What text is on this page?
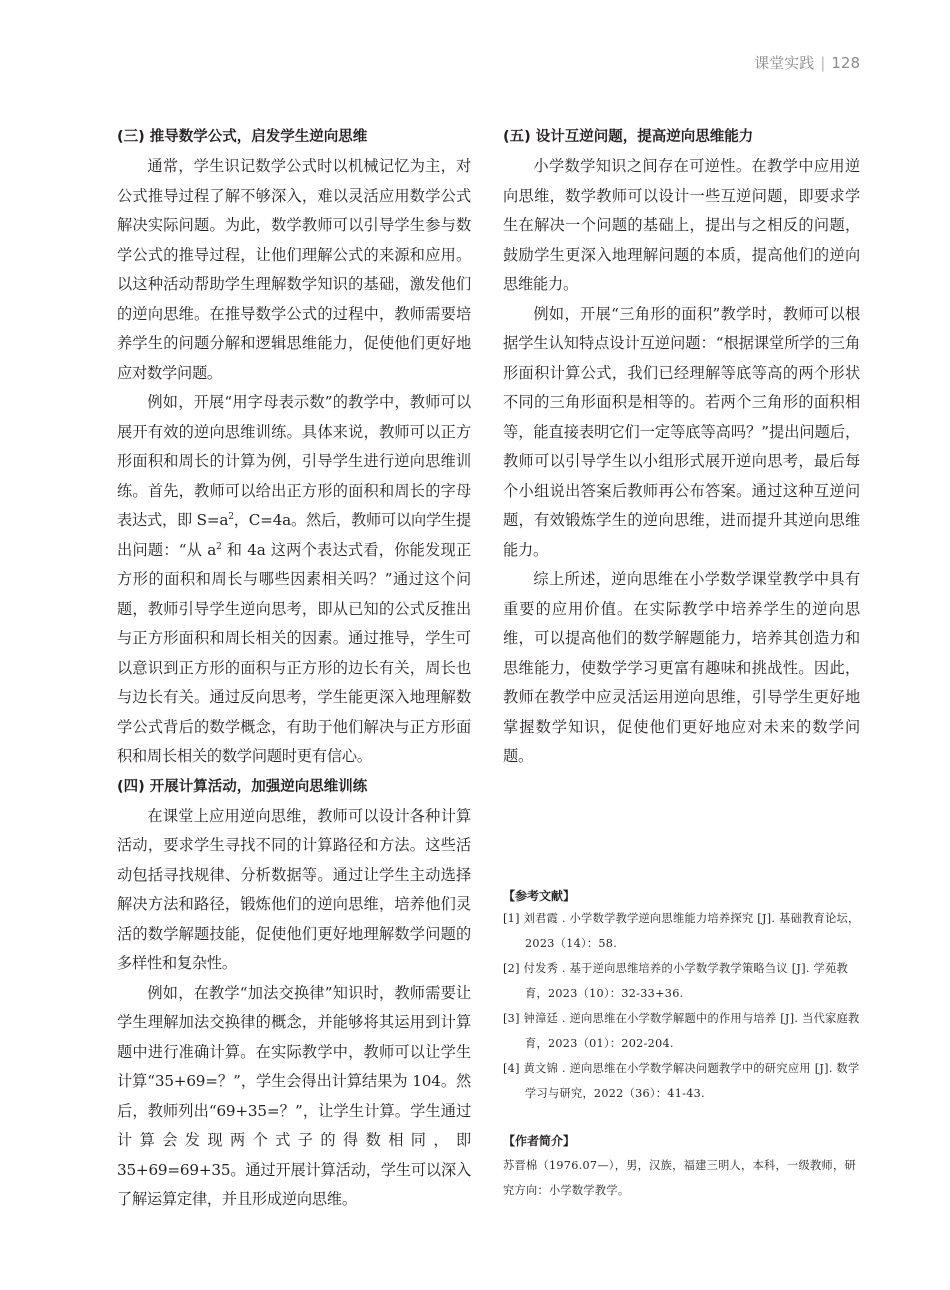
课堂实践 | 128
(三) 推导数学公式，启发学生逆向思维

通常，学生识记数学公式时以机械记忆为主，对公式推导过程了解不够深入，难以灵活应用数学公式解决实际问题。为此，数学教师可以引导学生参与数学公式的推导过程，让他们理解公式的来源和应用。以这种活动帮助学生理解数学知识的基础，激发他们的逆向思维。在推导数学公式的过程中，教师需要培养学生的问题分解和逻辑思维能力，促使他们更好地应对数学问题。

例如，开展“用字母表示数”的教学中，教师可以展开有效的逆向思维训练。具体来说，教师可以正方形面积和周长的计算为例，引导学生进行逆向思维训练。首先，教师可以给出正方形的面积和周长的字母表达式，即 $S=a^2$，C=4a。然后，教师可以向学生提出问题：“从 $a^2$ 和 4a 这两个表达式看，你能发现正方形的面积和周长与哪些因素相关吗？”通过这个问题，教师引导学生逆向思考，即从已知的公式反推出与正方形面积和周长相关的因素。通过推导，学生可以意识到正方形的面积与正方形的边长有关，周长也与边长有关。通过反向思考，学生能更深入地理解数学公式背后的数学概念，有助于他们解决与正方形面积和周长相关的数学问题时更有信心。

(四) 开展计算活动，加强逆向思维训练

在课堂上应用逆向思维，教师可以设计各种计算活动，要求学生寻找不同的计算路径和方法。这些活动包括寻找规律、分析数据等。通过让学生主动选择解决方法和路径，锻炼他们的逆向思维，培养他们灵活的数学解题技能，促使他们更好地理解数学问题的多样性和复杂性。

例如，在教学“加法交换律”知识时，教师需要让学生理解加法交换律的概念，并能够将其运用到计算题中进行准确计算。在实际教学中，教师可以让学生计算“35+69=？”，学生会得出计算结果为 104。然后，教师列出“69+35=？”，让学生计算。学生通过计算会发现两个式子的得数相同，即 35+69=69+35。通过开展计算活动，学生可以深入了解运算定律，并且形成逆向思维。

(五) 设计互逆问题，提高逆向思维能力

小学数学知识之间存在可逆性。在教学中应用逆向思维，数学教师可以设计一些互逆问题，即要求学生在解决一个问题的基础上，提出与之相反的问题，鼓励学生更深入地理解问题的本质，提高他们的逆向思维能力。

例如，开展“三角形的面积”教学时，教师可以根据学生认知特点设计互逆问题：“根据课堂所学的三角形面积计算公式，我们已经理解等底等高的两个形状不同的三角形面积是相等的。若两个三角形的面积相等，能直接表明它们一定等底等高吗？”提出问题后，教师可以引导学生以小组形式展开逆向思考，最后每个小组说出答案后教师再公布答案。通过这种互逆问题，有效锻炼学生的逆向思维，进而提升其逆向思维能力。

综上所述，逆向思维在小学数学课堂教学中具有重要的应用价值。在实际教学中培养学生的逆向思维，可以提高他们的数学解题能力，培养其创造力和思维能力，使数学学习更富有趣味和挑战性。因此，教师在教学中应灵活运用逆向思维，引导学生更好地掌握数学知识，促使他们更好地应对未来的数学问题。

【参考文献】
[1] 刘君霞 . 小学数学教学逆向思维能力培养探究 [J]. 基础教育论坛，2023（14）：58.
[2] 付发秀 . 基于逆向思维培养的小学数学教学策略刍议 [J]. 学苑教育，2023（10）：32-33+36.
[3] 钟漳廷 . 逆向思维在小学数学解题中的作用与培养 [J]. 当代家庭教育，2023（01）：202-204.
[4] 黄文锦 . 逆向思维在小学数学解决问题教学中的研究应用 [J]. 数学学习与研究，2022（36）：41-43.
【作者简介】
苏晋棉（1976.07—），男，汉族，福建三明人，本科，一级教师，研究方向：小学数学教学。
